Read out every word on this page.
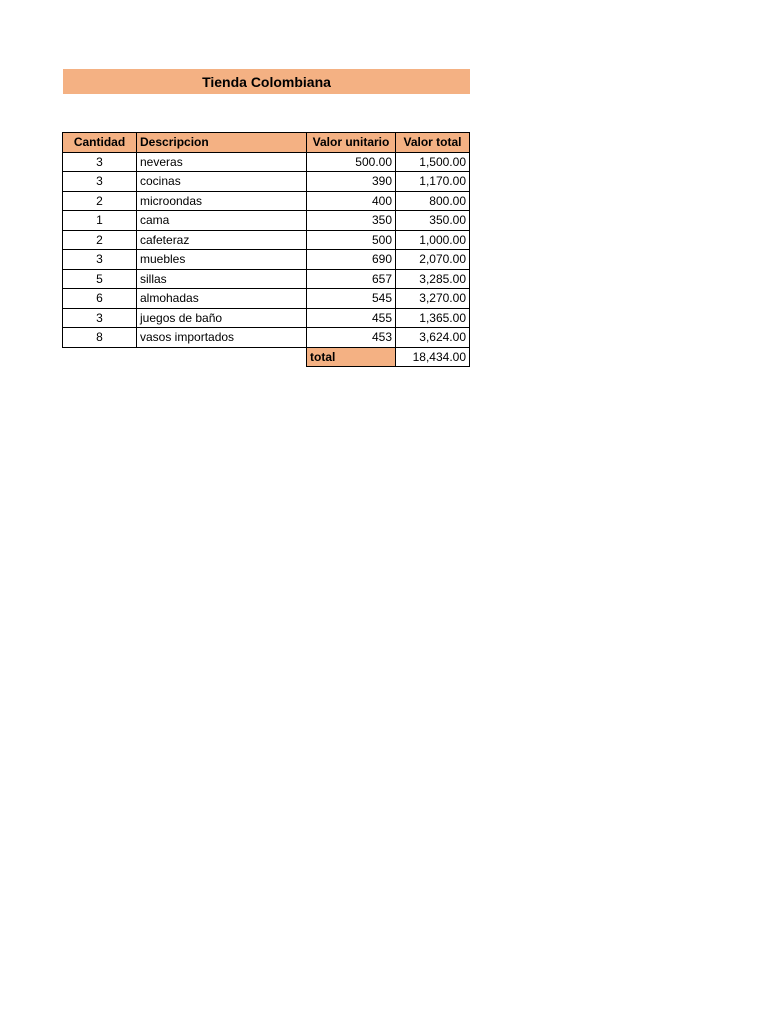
Tienda Colombiana
Cantidad	Descripcion	Valor unitario	Valor total
3	neveras	500.00	1,500.00
3	cocinas	390	1,170.00
2	microondas	400	800.00
1	cama	350	350.00
2	cafeteraz	500	1,000.00
3	muebles	690	2,070.00
5	sillas	657	3,285.00
6	almohadas	545	3,270.00
3	juegos de baño	455	1,365.00
8	vasos importados	453	3,624.00
		total	18,434.00
